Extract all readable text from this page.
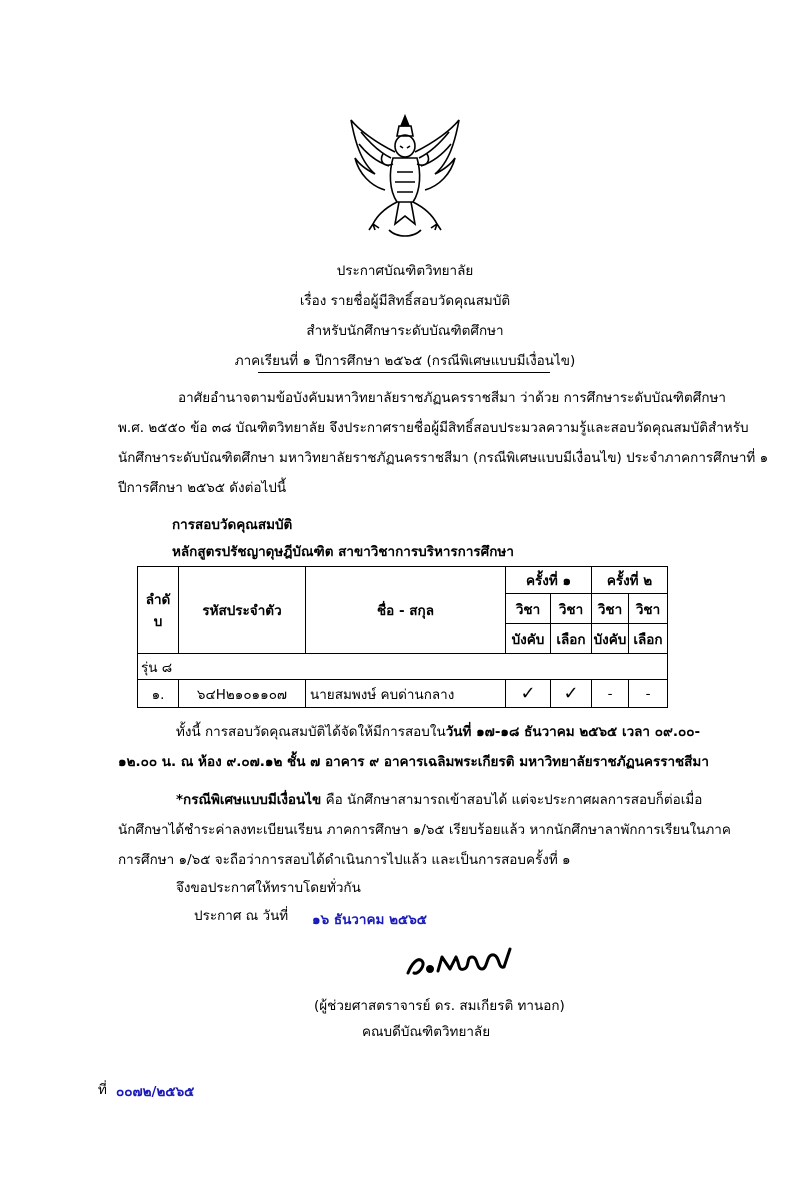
ประกาศบัณฑิตวิทยาลัย
เรื่อง รายชื่อผู้มีสิทธิ์สอบวัดคุณสมบัติ
สำหรับนักศึกษาระดับบัณฑิตศึกษา
ภาคเรียนที่ ๑ ปีการศึกษา ๒๕๖๕ (กรณีพิเศษแบบมีเงื่อนไข)
อาศัยอำนาจตามข้อบังคับมหาวิทยาลัยราชภัฏนครราชสีมา ว่าด้วย การศึกษาระดับบัณฑิตศึกษา
พ.ศ. ๒๕๕๐ ข้อ ๓๘ บัณฑิตวิทยาลัย จึงประกาศรายชื่อผู้มีสิทธิ์สอบประมวลความรู้และสอบวัดคุณสมบัติสำหรับ
นักศึกษาระดับบัณฑิตศึกษา มหาวิทยาลัยราชภัฏนครราชสีมา (กรณีพิเศษแบบมีเงื่อนไข) ประจำภาคการศึกษาที่ ๑
ปีการศึกษา ๒๕๖๕ ดังต่อไปนี้
การสอบวัดคุณสมบัติ
หลักสูตรปรัชญาดุษฎีบัณฑิต สาขาวิชาการบริหารการศึกษา
ลำดั
บ	รหัสประจำตัว	ชื่อ - สกุล	ครั้งที่ ๑		ครั้งที่ ๒	
			วิชา	วิชา	วิชา	วิชา
			บังคับ	เลือก	บังคับ	เลือก
รุ่น ๘						
๑.	๖๔H๒๑๐๑๑๐๗	นายสมพงษ์ คบด่านกลาง	✓	✓	-	-
ทั้งนี้ การสอบวัดคุณสมบัติได้จัดให้มีการสอบในวันที่ ๑๗-๑๘ ธันวาคม ๒๕๖๕ เวลา ๐๙.๐๐-
๑๒.๐๐ น. ณ ห้อง ๙.๐๗.๑๒ ชั้น ๗ อาคาร ๙ อาคารเฉลิมพระเกียรติ มหาวิทยาลัยราชภัฏนครราชสีมา
*กรณีพิเศษแบบมีเงื่อนไข คือ นักศึกษาสามารถเข้าสอบได้ แต่จะประกาศผลการสอบก็ต่อเมื่อ
นักศึกษาได้ชำระค่าลงทะเบียนเรียน ภาคการศึกษา ๑/๖๕ เรียบร้อยแล้ว หากนักศึกษาลาพักการเรียนในภาค
การศึกษา ๑/๖๕ จะถือว่าการสอบได้ดำเนินการไปแล้ว และเป็นการสอบครั้งที่ ๑
จึงขอประกาศให้ทราบโดยทั่วกัน
ประกาศ ณ วันที่ ๑๖ ธันวาคม ๒๕๖๕
(ผู้ช่วยศาสตราจารย์ ดร. สมเกียรติ ทานอก)
คณบดีบัณฑิตวิทยาลัย
ที่ ๐๐๗๒/๒๕๖๕
